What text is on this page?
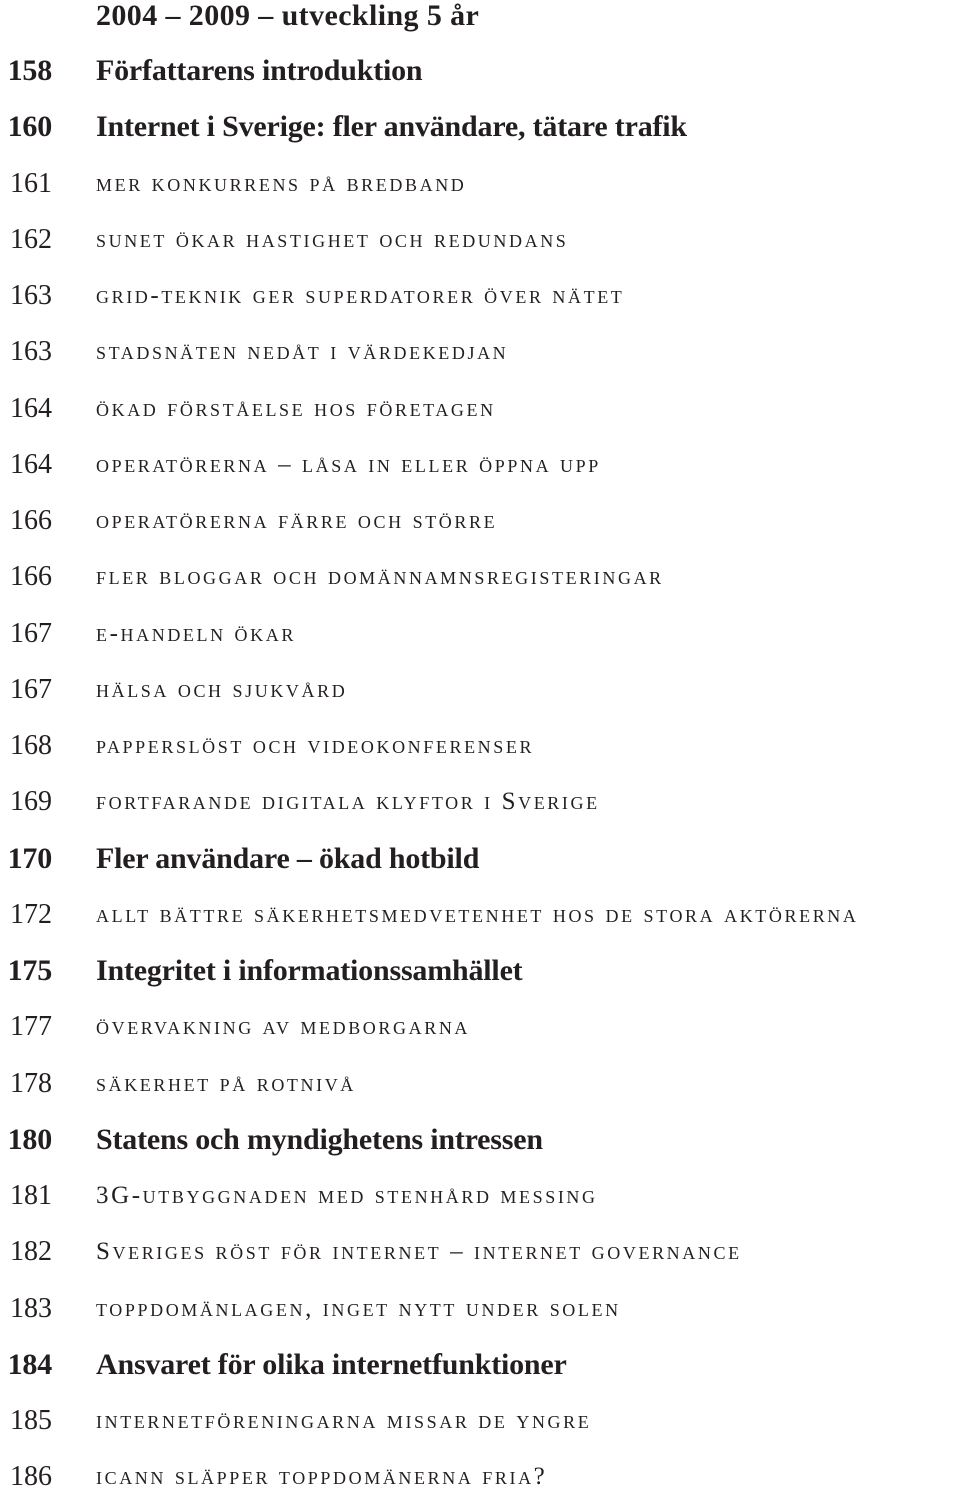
2004 – 2009 – utveckling 5 år
158 Författarens introduktion
160 Internet i Sverige: fler användare, tätare trafik
161 mer konkurrens på bredband
162 sunet ökar hastighet och redundans
163 grid-teknik ger superdatorer över nätet
163 stadsnäten nedåt i värdekedjan
164 ökad förståelse hos företagen
164 operatörerna – låsa in eller öppna upp
166 operatörerna färre och större
166 fler bloggar och domännamnsregisteringar
167 e-handeln ökar
167 hälsa och sjukvård
168 papperslöst och videokonferenser
169 fortfarande digitala klyftor i Sverige
170 Fler användare – ökad hotbild
172 allt bättre säkerhetsmedvetenhet hos de stora aktörerna
175 Integritet i informationssamhället
177 övervakning av medborgarna
178 säkerhet på rotnivå
180 Statens och myndighetens intressen
181 3G-utbyggnaden med stenhård messing
182 Sveriges röst för internet – internet governance
183 toppdomänlagen, inget nytt under solen
184 Ansvaret för olika internetfunktioner
185 internetföreningarna missar de yngre
186 icann släpper toppdomänerna fria?
